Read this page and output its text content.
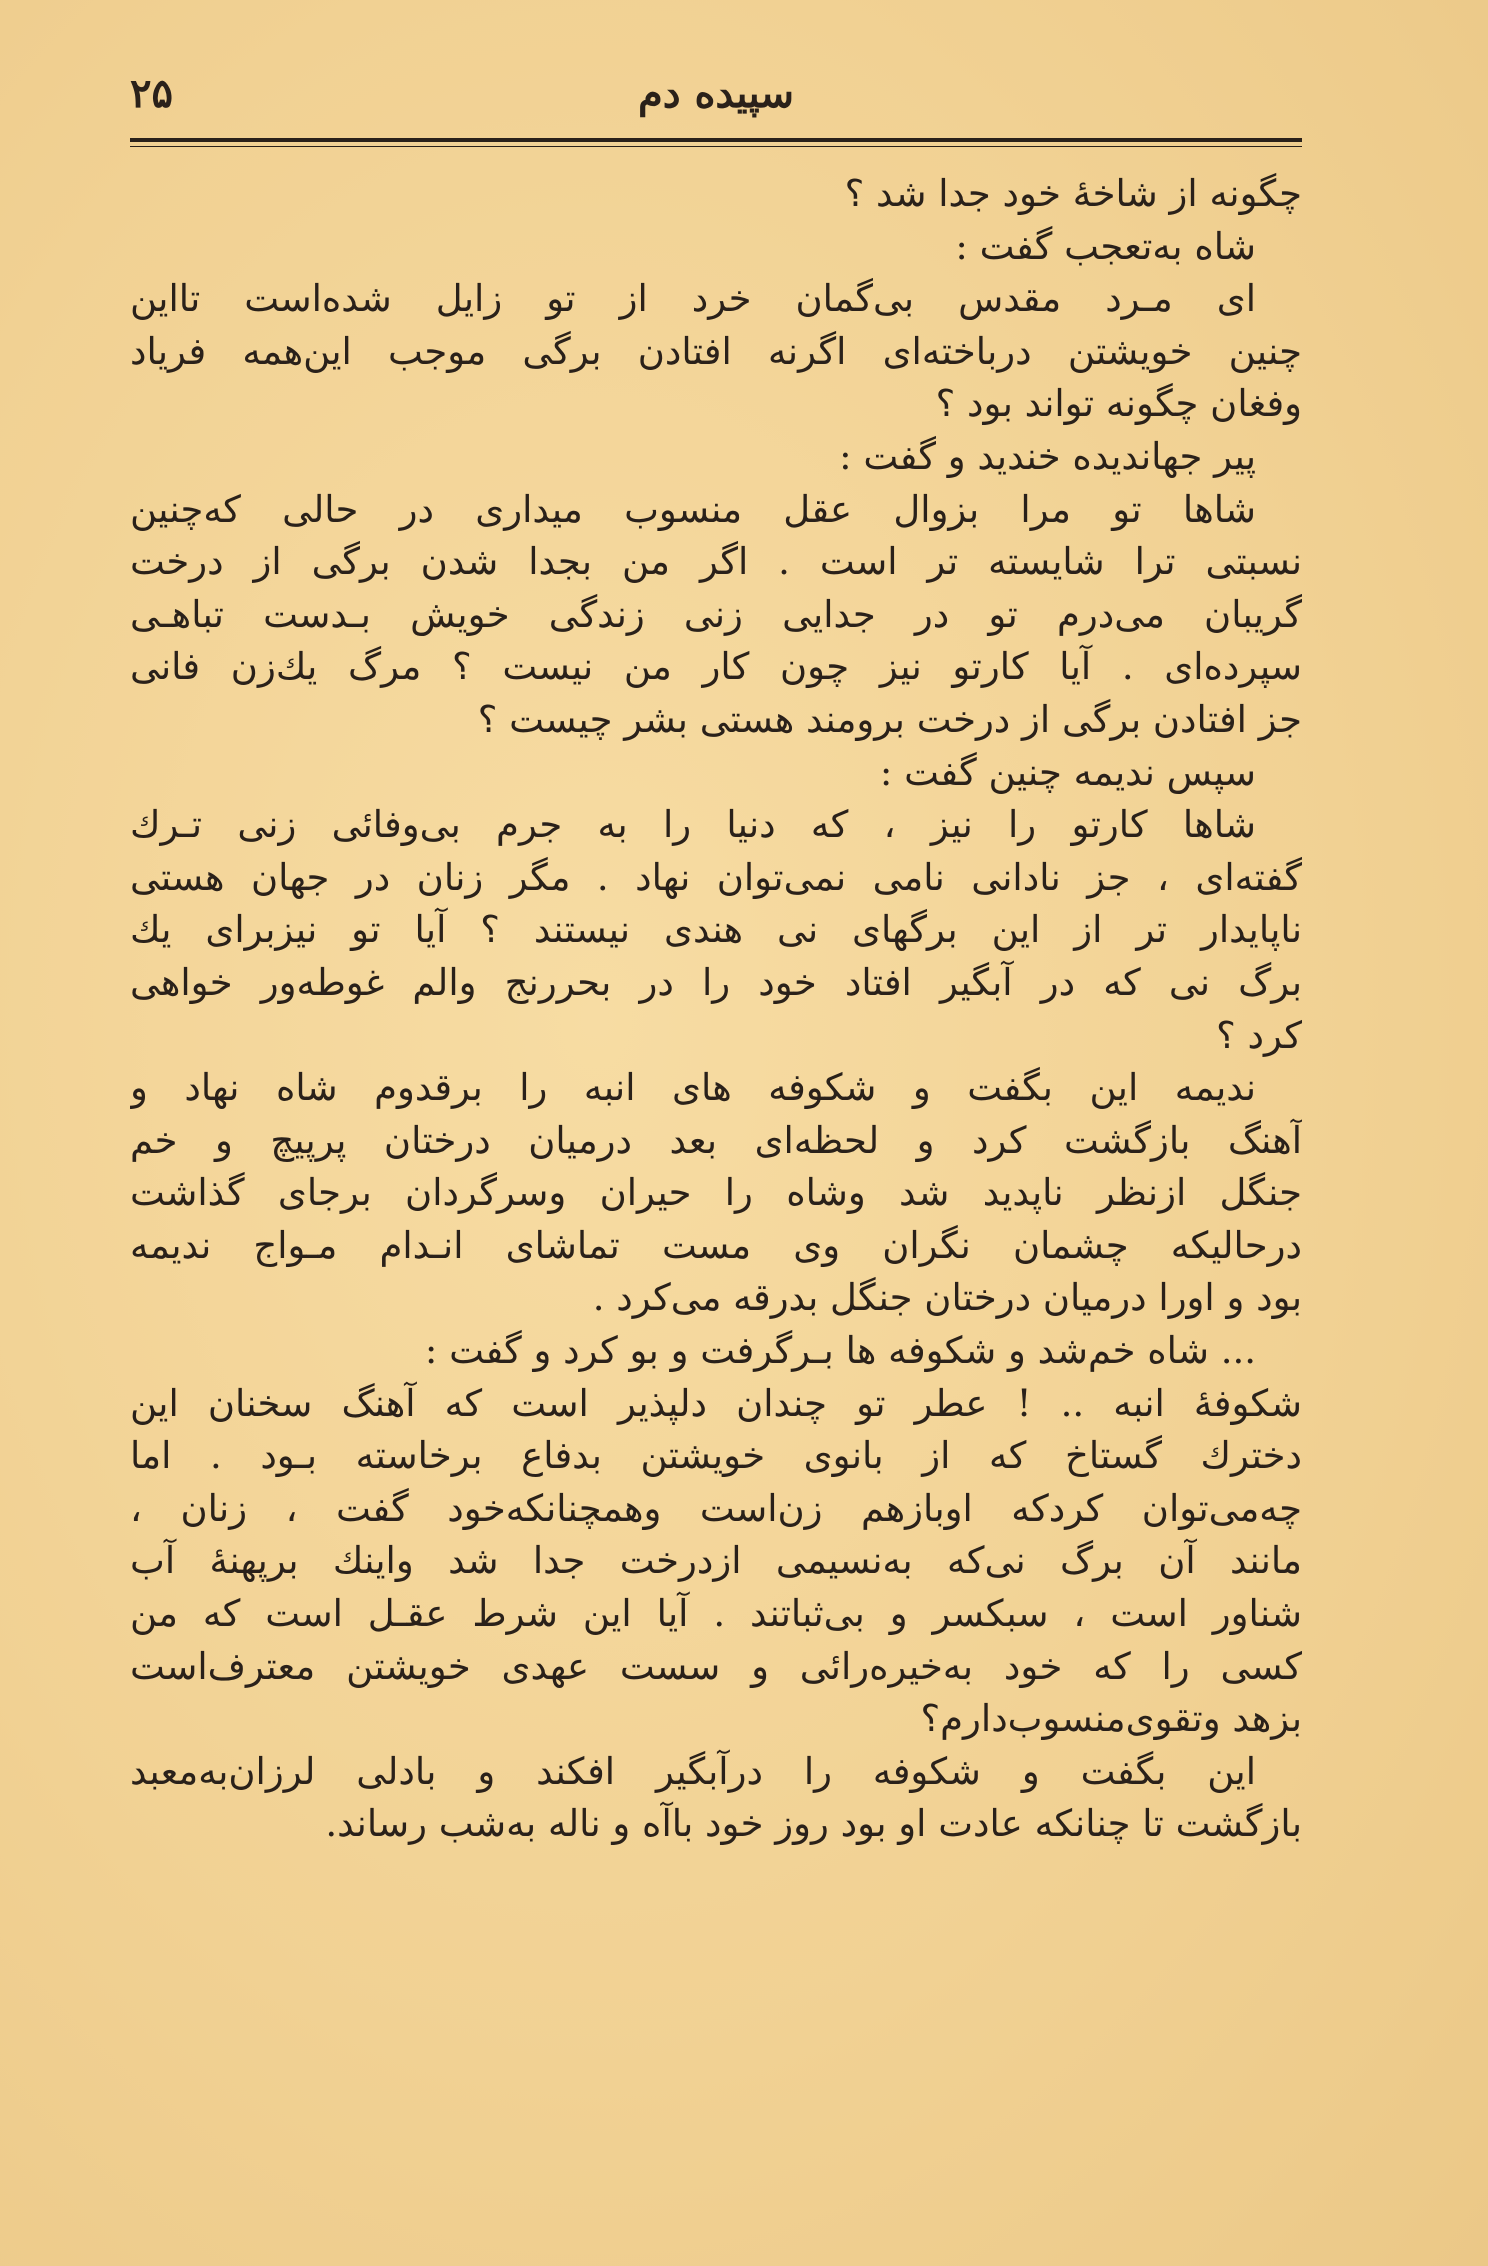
۲۵	سپیده دم
چگونه از شاخهٔ خود جدا شد ؟
شاه به‌تعجب گفت :
ای مـرد مقدس بی‌گمان خرد از تو زایل شده‌است تااین
چنین خویشتن درباخته‌ای اگرنه افتادن برگی موجب این‌همه فریاد
وفغان چگونه تواند بود ؟
پیر جهاندیده خندید و گفت :
شاها تو مرا بزوال عقل منسوب میداری در حالی که‌چنین
نسبتی ترا شایسته تر است . اگر من بجدا شدن برگی از درخت
گریبان می‌درم تو در جدایی زنی زندگی خویش بـدست تباهـی
سپرده‌ای . آیا کارتو نیز چون کار من نیست ؟ مرگ یك‌زن فانی
جز افتادن برگی از درخت برومند هستی بشر چیست ؟
سپس ندیمه چنین گفت :
شاها کارتو را نیز ، که دنیا را به جرم بی‌وفائی زنی تـرك
گفته‌ای ، جز نادانی نامی نمی‌توان نهاد . مگر زنان در جهان هستی
ناپایدار تر از این برگهای نی هندی نیستند ؟ آیا تو نیزبرای یك
برگ نی که در آبگیر افتاد خود را در بحررنج والم غوطه‌ور خواهی
کرد ؟
ندیمه این بگفت و شکوفه های انبه را برقدوم شاه نهاد و
آهنگ بازگشت کرد و لحظه‌ای بعد درمیان درختان پرپیچ و خم
جنگل ازنظر ناپدید شد وشاه را حیران وسرگردان برجای گذاشت
درحالیکه چشمان نگران وی مست تماشای انـدام مـواج ندیمه
بود و اورا درمیان درختان جنگل بدرقه می‌کرد .
... شاه خم‌شد و شکوفه ها بـرگرفت و بو کرد و گفت :
شکوفهٔ انبه .. ! عطر تو چندان دلپذیر است که آهنگ سخنان این
دخترك گستاخ که از بانوی خویشتن بدفاع برخاسته بـود . اما
چه‌می‌توان کردکه اوبازهم زن‌است وهمچنانکه‌خود گفت ، زنان ،
مانند آن برگ نی‌که به‌نسیمی ازدرخت جدا شد واینك برپهنهٔ آب
شناور است ، سبکسر و بی‌ثباتند . آیا این شرط عقـل است که من
کسی را که خود به‌خیره‌رائی و سست عهدی خویشتن معترف‌است
بزهد وتقوی‌منسوب‌دارم؟
این بگفت و شکوفه را درآبگیر افکند و بادلی لرزان‌به‌معبد
بازگشت تا چنانکه عادت او بود روز خود باآه و ناله به‌شب رساند.
